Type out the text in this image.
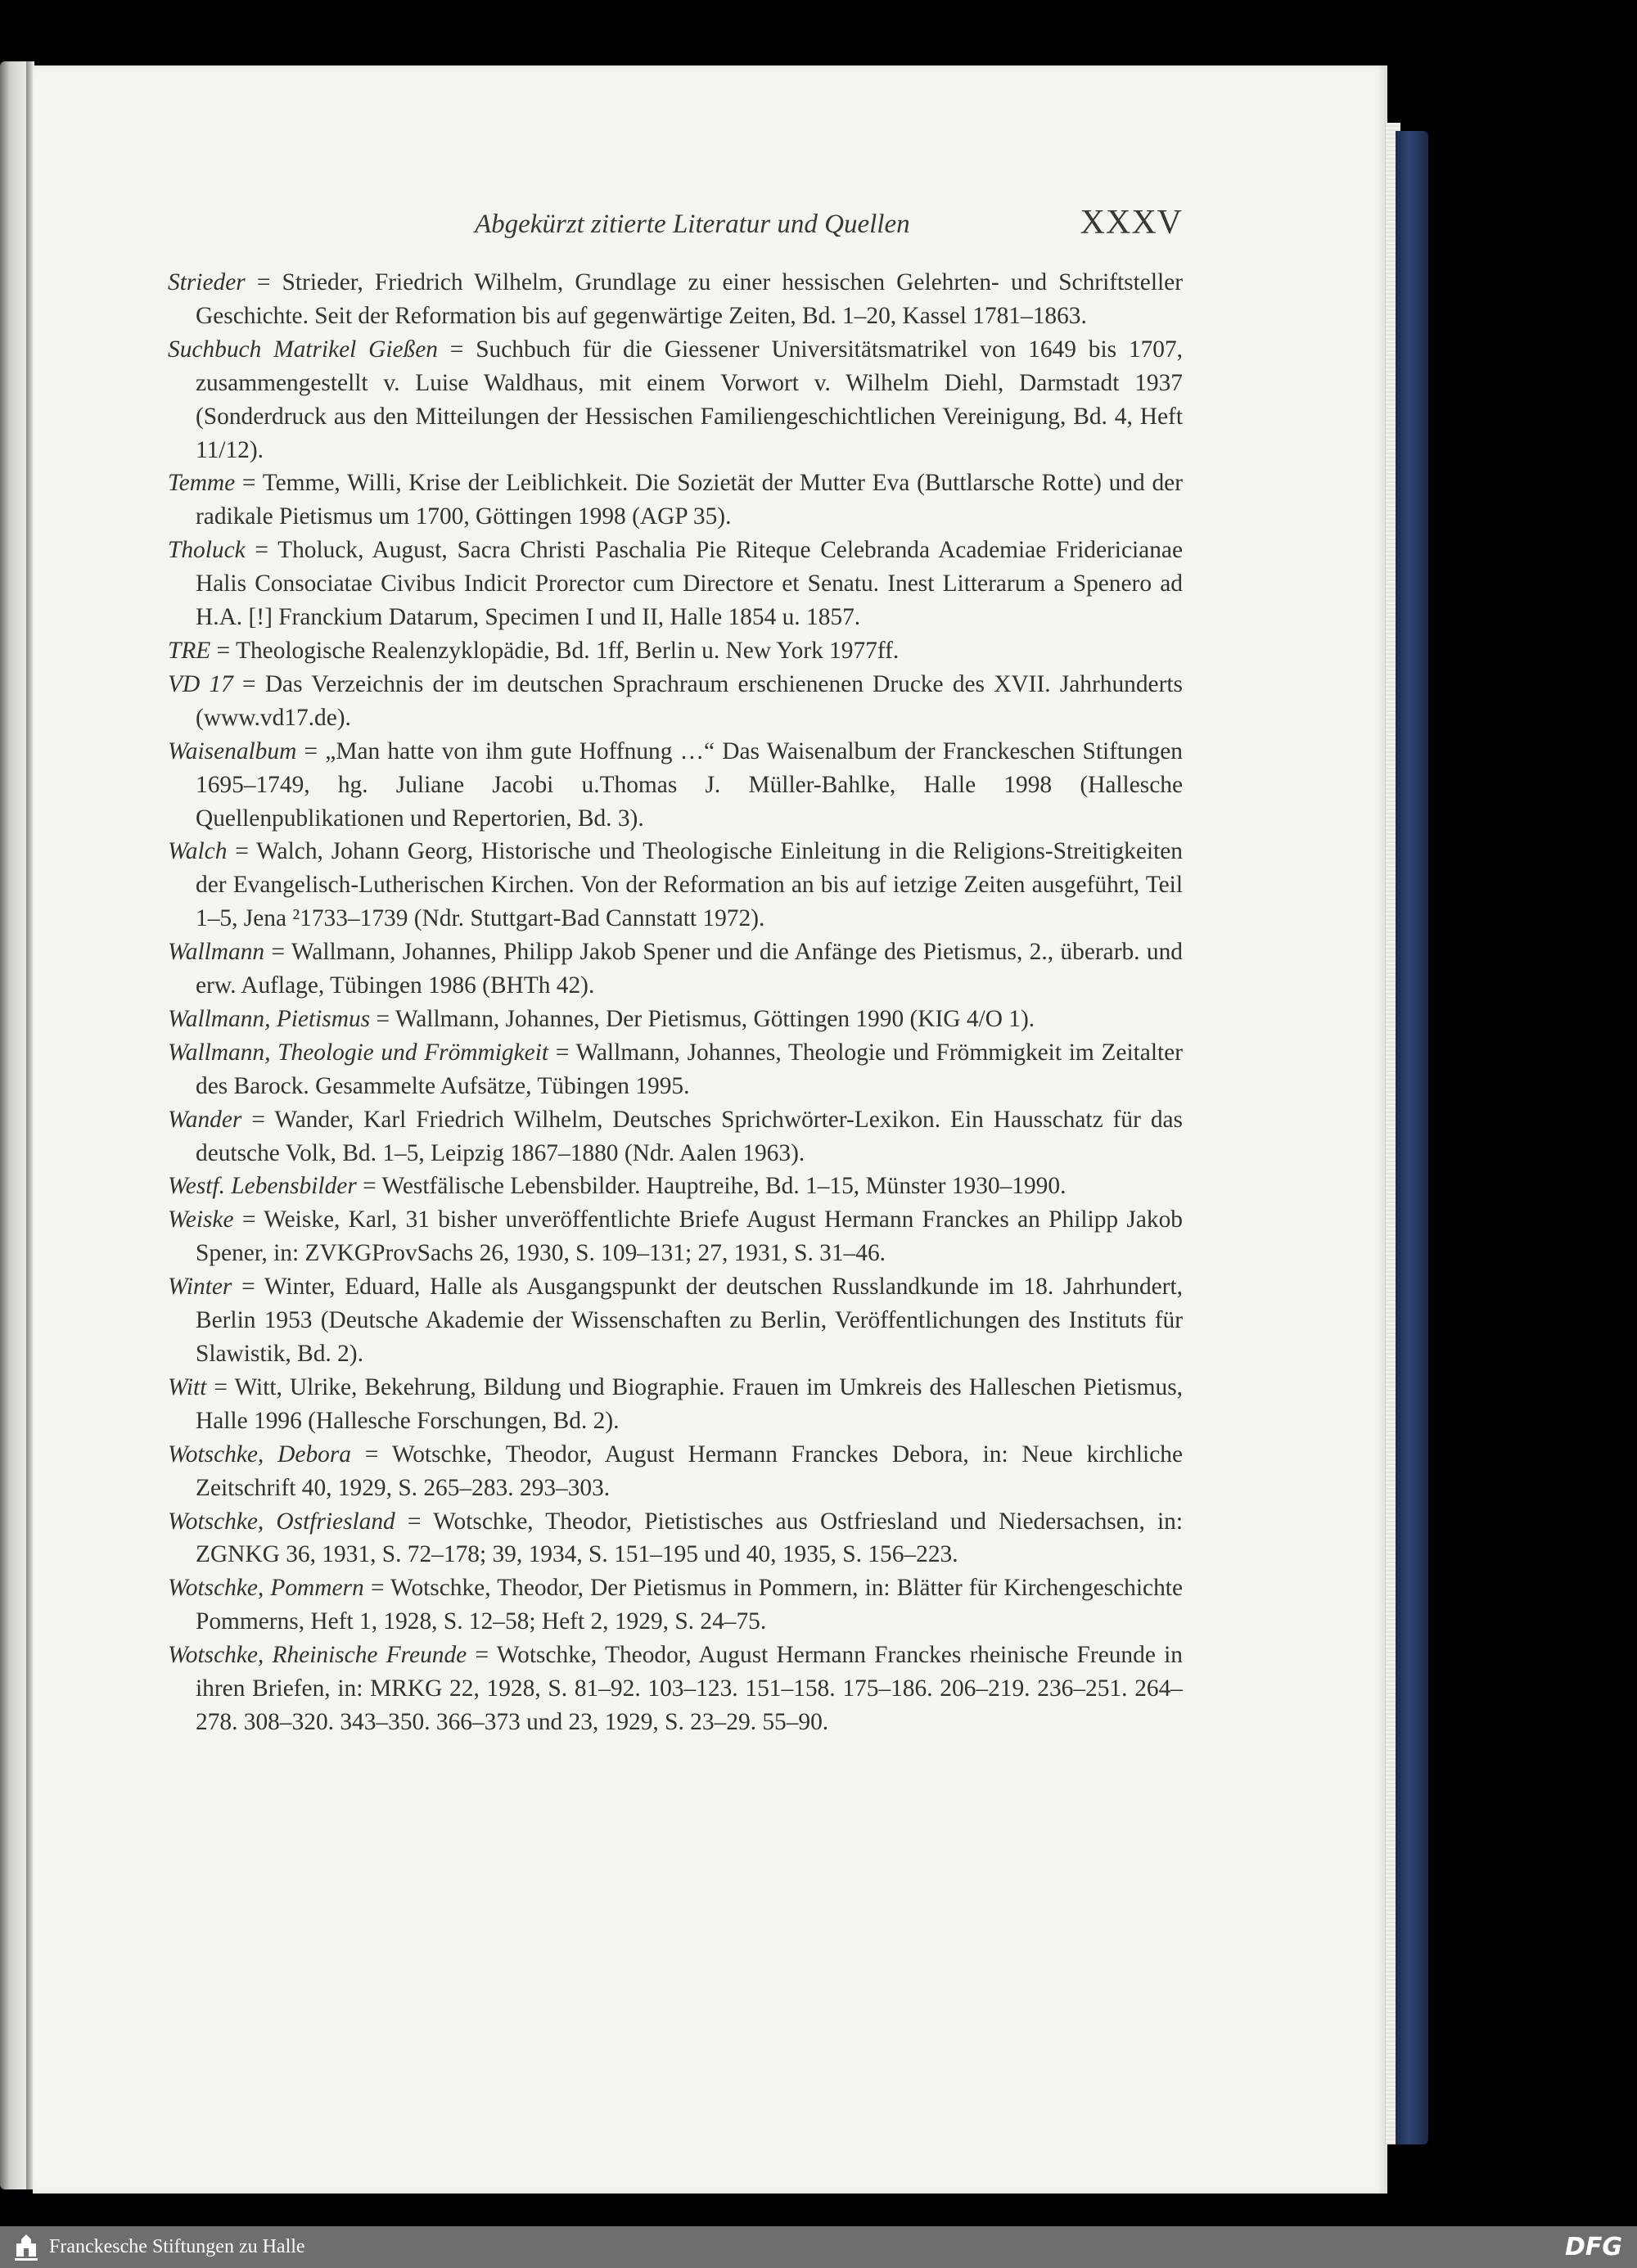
Abgekürzt zitierte Literatur und Quellen	XXXV
Strieder = Strieder, Friedrich Wilhelm, Grundlage zu einer hessischen Gelehrten- und Schriftsteller Geschichte. Seit der Reformation bis auf gegenwärtige Zeiten, Bd. 1–20, Kassel 1781–1863.
Suchbuch Matrikel Gießen = Suchbuch für die Giessener Universitätsmatrikel von 1649 bis 1707, zusammengestellt v. Luise Waldhaus, mit einem Vorwort v. Wilhelm Diehl, Darmstadt 1937 (Sonderdruck aus den Mitteilungen der Hessischen Familiengeschichtlichen Vereinigung, Bd. 4, Heft 11/12).
Temme = Temme, Willi, Krise der Leiblichkeit. Die Sozietät der Mutter Eva (Buttlarsche Rotte) und der radikale Pietismus um 1700, Göttingen 1998 (AGP 35).
Tholuck = Tholuck, August, Sacra Christi Paschalia Pie Riteque Celebranda Academiae Fridericianae Halis Consociatae Civibus Indicit Prorector cum Directore et Senatu. Inest Litterarum a Spenero ad H.A. [!] Franckium Datarum, Specimen I und II, Halle 1854 u. 1857.
TRE = Theologische Realenzyklopädie, Bd. 1ff, Berlin u. New York 1977ff.
VD 17 = Das Verzeichnis der im deutschen Sprachraum erschienenen Drucke des XVII. Jahrhunderts (www.vd17.de).
Waisenalbum = „Man hatte von ihm gute Hoffnung …“ Das Waisenalbum der Franckeschen Stiftungen 1695–1749, hg. Juliane Jacobi u.Thomas J. Müller-Bahlke, Halle 1998 (Hallesche Quellenpublikationen und Repertorien, Bd. 3).
Walch = Walch, Johann Georg, Historische und Theologische Einleitung in die Religions-Streitigkeiten der Evangelisch-Lutherischen Kirchen. Von der Reformation an bis auf ietzige Zeiten ausgeführt, Teil 1–5, Jena ²1733–1739 (Ndr. Stuttgart-Bad Cannstatt 1972).
Wallmann = Wallmann, Johannes, Philipp Jakob Spener und die Anfänge des Pietismus, 2., überarb. und erw. Auflage, Tübingen 1986 (BHTh 42).
Wallmann, Pietismus = Wallmann, Johannes, Der Pietismus, Göttingen 1990 (KIG 4/O 1).
Wallmann, Theologie und Frömmigkeit = Wallmann, Johannes, Theologie und Frömmigkeit im Zeitalter des Barock. Gesammelte Aufsätze, Tübingen 1995.
Wander = Wander, Karl Friedrich Wilhelm, Deutsches Sprichwörter-Lexikon. Ein Hausschatz für das deutsche Volk, Bd. 1–5, Leipzig 1867–1880 (Ndr. Aalen 1963).
Westf. Lebensbilder = Westfälische Lebensbilder. Hauptreihe, Bd. 1–15, Münster 1930–1990.
Weiske = Weiske, Karl, 31 bisher unveröffentlichte Briefe August Hermann Franckes an Philipp Jakob Spener, in: ZVKGProvSachs 26, 1930, S. 109–131; 27, 1931, S. 31–46.
Winter = Winter, Eduard, Halle als Ausgangspunkt der deutschen Russlandkunde im 18. Jahrhundert, Berlin 1953 (Deutsche Akademie der Wissenschaften zu Berlin, Veröffentlichungen des Instituts für Slawistik, Bd. 2).
Witt = Witt, Ulrike, Bekehrung, Bildung und Biographie. Frauen im Umkreis des Halleschen Pietismus, Halle 1996 (Hallesche Forschungen, Bd. 2).
Wotschke, Debora = Wotschke, Theodor, August Hermann Franckes Debora, in: Neue kirchliche Zeitschrift 40, 1929, S. 265–283. 293–303.
Wotschke, Ostfriesland = Wotschke, Theodor, Pietistisches aus Ostfriesland und Niedersachsen, in: ZGNKG 36, 1931, S. 72–178; 39, 1934, S. 151–195 und 40, 1935, S. 156–223.
Wotschke, Pommern = Wotschke, Theodor, Der Pietismus in Pommern, in: Blätter für Kirchengeschichte Pommerns, Heft 1, 1928, S. 12–58; Heft 2, 1929, S. 24–75.
Wotschke, Rheinische Freunde = Wotschke, Theodor, August Hermann Franckes rheinische Freunde in ihren Briefen, in: MRKG 22, 1928, S. 81–92. 103–123. 151–158. 175–186. 206–219. 236–251. 264–278. 308–320. 343–350. 366–373 und 23, 1929, S. 23–29. 55–90.
Franckesche Stiftungen zu Halle	DFG
